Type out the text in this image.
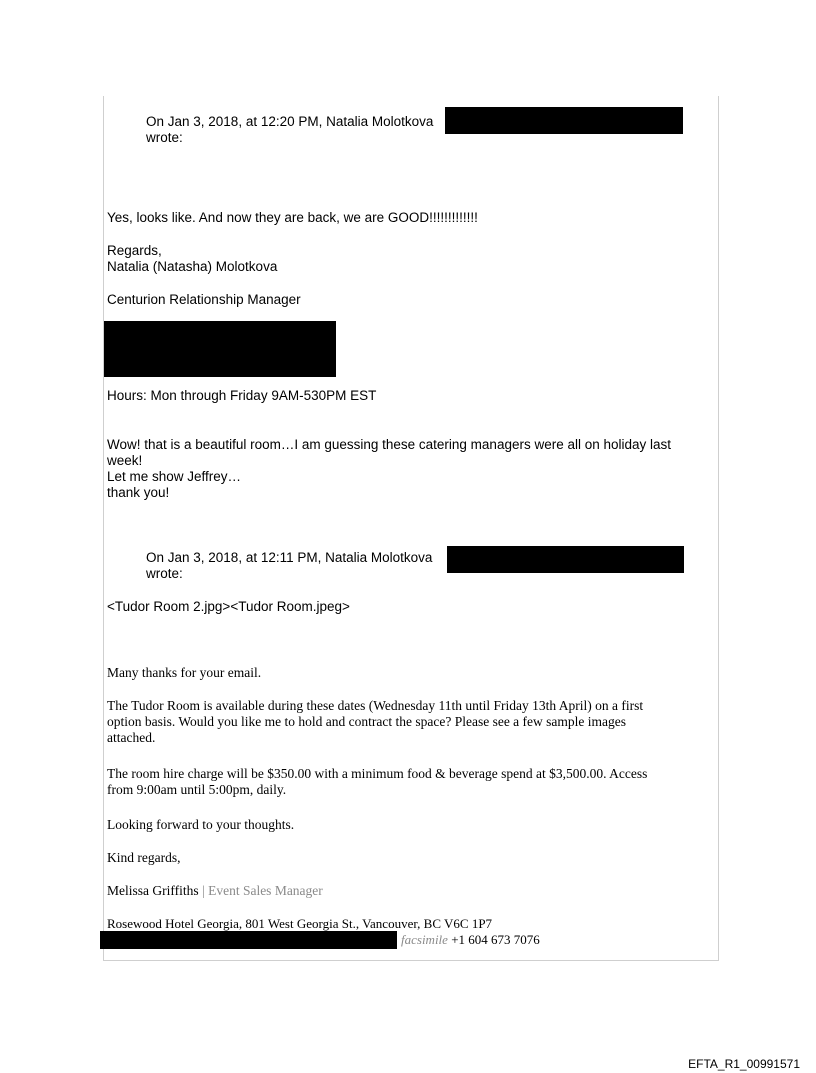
On Jan 3, 2018, at 12:20 PM, Natalia Molotkova

wrote:

Yes, looks like. And now they are back, we are GOOD!!!!!!!!!!!!!

Regards,

Natalia (Natasha) Molotkova

Centurion Relationship Manager

Hours: Mon through Friday 9AM-530PM EST

Wow! that is a beautiful room…I am guessing these catering managers were all on holiday last

week!

Let me show Jeffrey…

thank you!

On Jan 3, 2018, at 12:11 PM, Natalia Molotkova

wrote:

<Tudor Room 2.jpg><Tudor Room.jpeg>

Many thanks for your email.

The Tudor Room is available during these dates (Wednesday 11th until Friday 13th April) on a first

option basis. Would you like me to hold and contract the space? Please see a few sample images

attached.

The room hire charge will be $350.00 with a minimum food & beverage spend at $3,500.00. Access

from 9:00am until 5:00pm, daily.

Looking forward to your thoughts.

Kind regards,

Melissa Griffiths | Event Sales Manager

Rosewood Hotel Georgia, 801 West Georgia St., Vancouver, BC V6C 1P7

facsimile +1 604 673 7076

EFTA_R1_00991571
